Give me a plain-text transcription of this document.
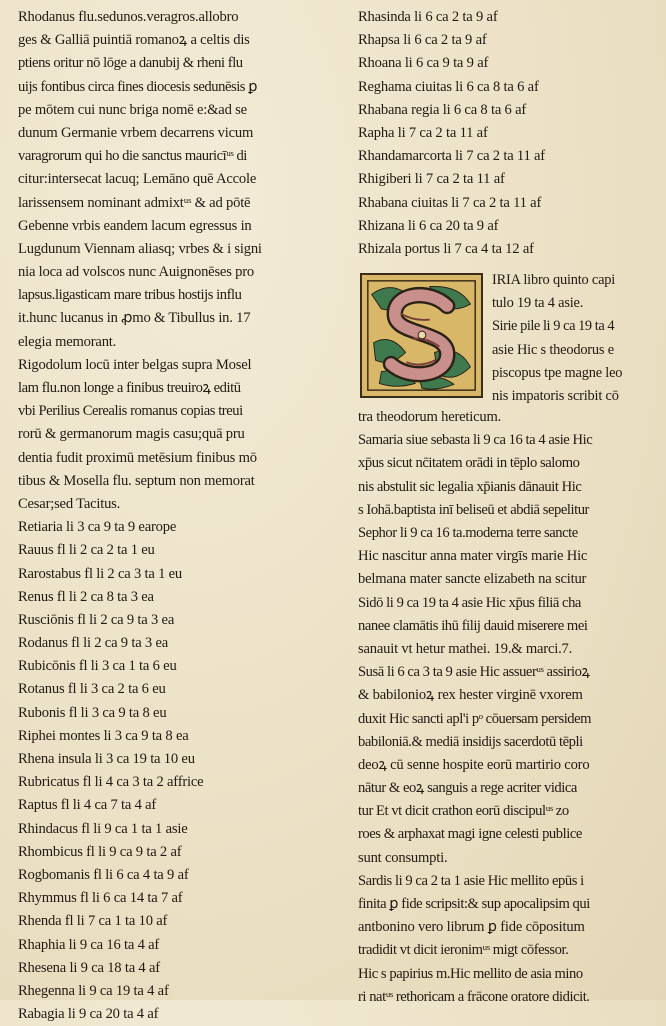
Rhodanus flu.sedunos.veragros.allobro
ges & Galliā puintiā romanoꝝ a celtis dis
ptiens oritur nō lōge a danubij & rheni flu
uijs fontibus circa fines diocesis sedunēsis ꝑ
pe mōtem cui nunc briga nomē e:&ad se
dunum Germanie vrbem decarrens vicum
varagrorum qui ho die sanctus mauricīᵘˢ di
citur:intersecat lacuq; Lemāno quē Accole
larissensem nominant admixtᵘˢ & ad pōtē
Gebenne vrbis eandem lacum egressus in
Lugdunum Viennam aliasq; vrbes & i signi
nia loca ad volscos nunc Auignonēses pro
lapsus.ligasticam mare tribus hostijs influ
it.hunc lucanus in ꝓmo & Tibullus in. 17
elegia memorant.
Rigodolum locū inter belgas supra Mosel
lam flu.non longe a finibus treuiroꝝ editū
vbi Perilius Cerealis romanus copias treui
rorū & germanorum magis casu;quā pru
dentia fudit proximū metēsium finibus mō
tibus & Mosella flu. septum non memorat
Cesar;sed Tacitus.
Retiaria li 3 ca 9 ta 9 earope
Rauus fl li 2 ca 2 ta 1 eu
Rarostabus fl li 2 ca 3 ta 1 eu
Renus fl li 2 ca 8 ta 3 ea
Rusciōnis fl li 2 ca 9 ta 3 ea
Rodanus fl li 2 ca 9 ta 3 ea
Rubicōnis fl li 3 ca 1 ta 6 eu
Rotanus fl li 3 ca 2 ta 6 eu
Rubonis fl li 3 ca 9 ta 8 eu
Riphei montes li 3 ca 9 ta 8 ea
Rhena insula li 3 ca 19 ta 10 eu
Rubricatus fl li 4 ca 3 ta 2 affrice
Raptus fl li 4 ca 7 ta 4 af
Rhindacus fl li 9 ca 1 ta 1 asie
Rhombicus fl li 9 ca 9 ta 2 af
Rogbomanis fl li 6 ca 4 ta 9 af
Rhymmus fl li 6 ca 14 ta 7 af
Rhenda fl li 7 ca 1 ta 10 af
Rhaphia li 9 ca 16 ta 4 af
Rhesena li 9 ca 18 ta 4 af
Rhegenna li 9 ca 19 ta 4 af
Rabagia li 9 ca 20 ta 4 af
Rhasinda li 6 ca 2 ta 9 af
Rhapsa li 6 ca 2 ta 9 af
Rhoana li 6 ca 9 ta 9 af
Reghama ciuitas li 6 ca 8 ta 6 af
Rhabana regia li 6 ca 8 ta 6 af
Rapha li 7 ca 2 ta 11 af
Rhandamarcorta li 7 ca 2 ta 11 af
Rhigiberi li 7 ca 2 ta 11 af
Rhabana ciuitas li 7 ca 2 ta 11 af
Rhizana li 6 ca 20 ta 9 af
Rhizala portus li 7 ca 4 ta 12 af
IRIA libro quinto capi
tulo 19 ta 4 asie.
Sirie pile li 9 ca 19 ta 4
asie Hic s theodorus e
piscopus tpe magne leo
nis impatoris scribit cō
tra theodorum hereticum.
Samaria siue sebasta li 9 ca 16 ta 4 asie Hic
xp̄us sicut nc̄itatem orādi in tēplo salomo
nis abstulit sic legalia xp̄ianis dānauit Hic
s Iohā.baptista inī beliseū et abdiā sepelitur
Sephor li 9 ca 16 ta.moderna terre sancte
Hic nascitur anna mater virgīs marie Hic
belmana mater sancte elizabeth na scitur
Sidō li 9 ca 19 ta 4 asie Hic xp̄us filiā cha
nanee clamātis ihū filij dauid miserere mei
sanauit vt hetur mathei. 19.& marci.7.
Susā li 6 ca 3 ta 9 asie Hic assuerᵘˢ assirioꝝ
& babilonioꝝ rex hester virginē vxorem
duxit Hic sancti apl'i pᵒ cōuersam persidem
babiloniā.& mediā insidijs sacerdotū tēpli
deoꝝ cū senne hospite eorū martirio coro
nātur & eoꝝ sanguis a rege acriter vidica
tur Et vt dicit crathon eorū discipulᵘˢ zo
roes & arphaxat magi igne celesti publice
sunt consumpti.
Sardis li 9 ca 2 ta 1 asie Hic mellito epūs i
finita ꝑ fide scripsit:& sup apocalipsim qui
antbonino vero librum ꝑ fide cōpositum
tradidit vt dicit ieronimᵘˢ migt cōfessor.
Hic s papirius m.Hic mellito de asia mino
ri natᵘˢ rethoricam a frācone oratore didicit.
